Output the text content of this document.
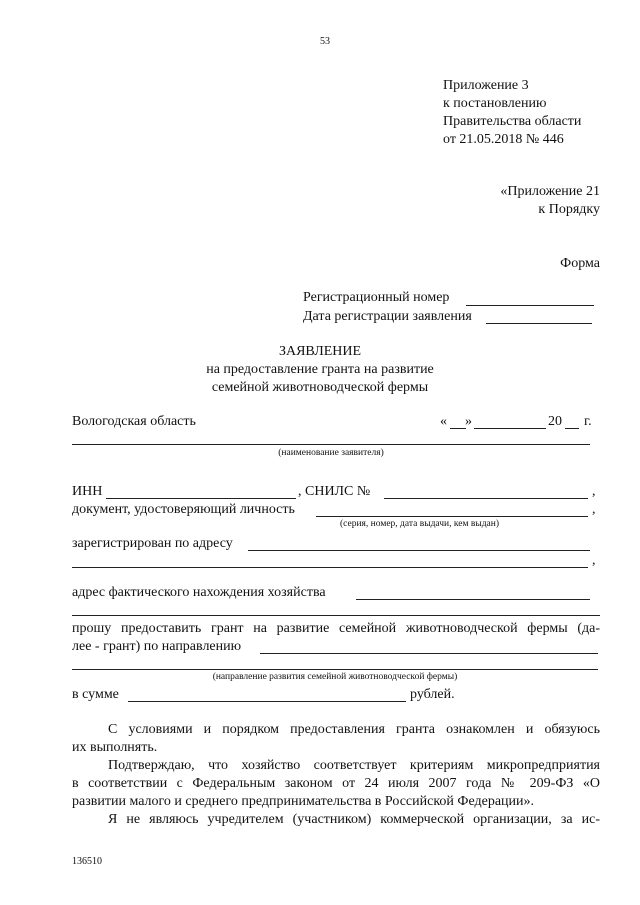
53
Приложение 3
к постановлению
Правительства области
от 21.05.2018 № 446
«Приложение 21
к Порядку
Форма
Регистрационный номер
Дата регистрации заявления
ЗАЯВЛЕНИЕ
на предоставление гранта на развитие
семейной животноводческой фермы
Вологодская область	« »	20 г.
(наименование заявителя)
ИНН	, СНИЛС №	,
документ, удостоверяющий личность	,
(серия, номер, дата выдачи, кем выдан)
зарегистрирован по адресу
,
адрес фактического нахождения хозяйства
прошу предоставить грант на развитие семейной животноводческой фермы (да-
лее - грант) по направлению
(направление развития семейной животноводческой фермы)
в сумме	рублей.
С условиями и порядком предоставления гранта ознакомлен и обязуюсь
их выполнять.
Подтверждаю, что хозяйство соответствует критериям микропредприятия
в соответствии с Федеральным законом от 24 июля 2007 года № 209-ФЗ «О
развитии малого и среднего предпринимательства в Российской Федерации».
Я не являюсь учредителем (участником) коммерческой организации, за ис-
136510
